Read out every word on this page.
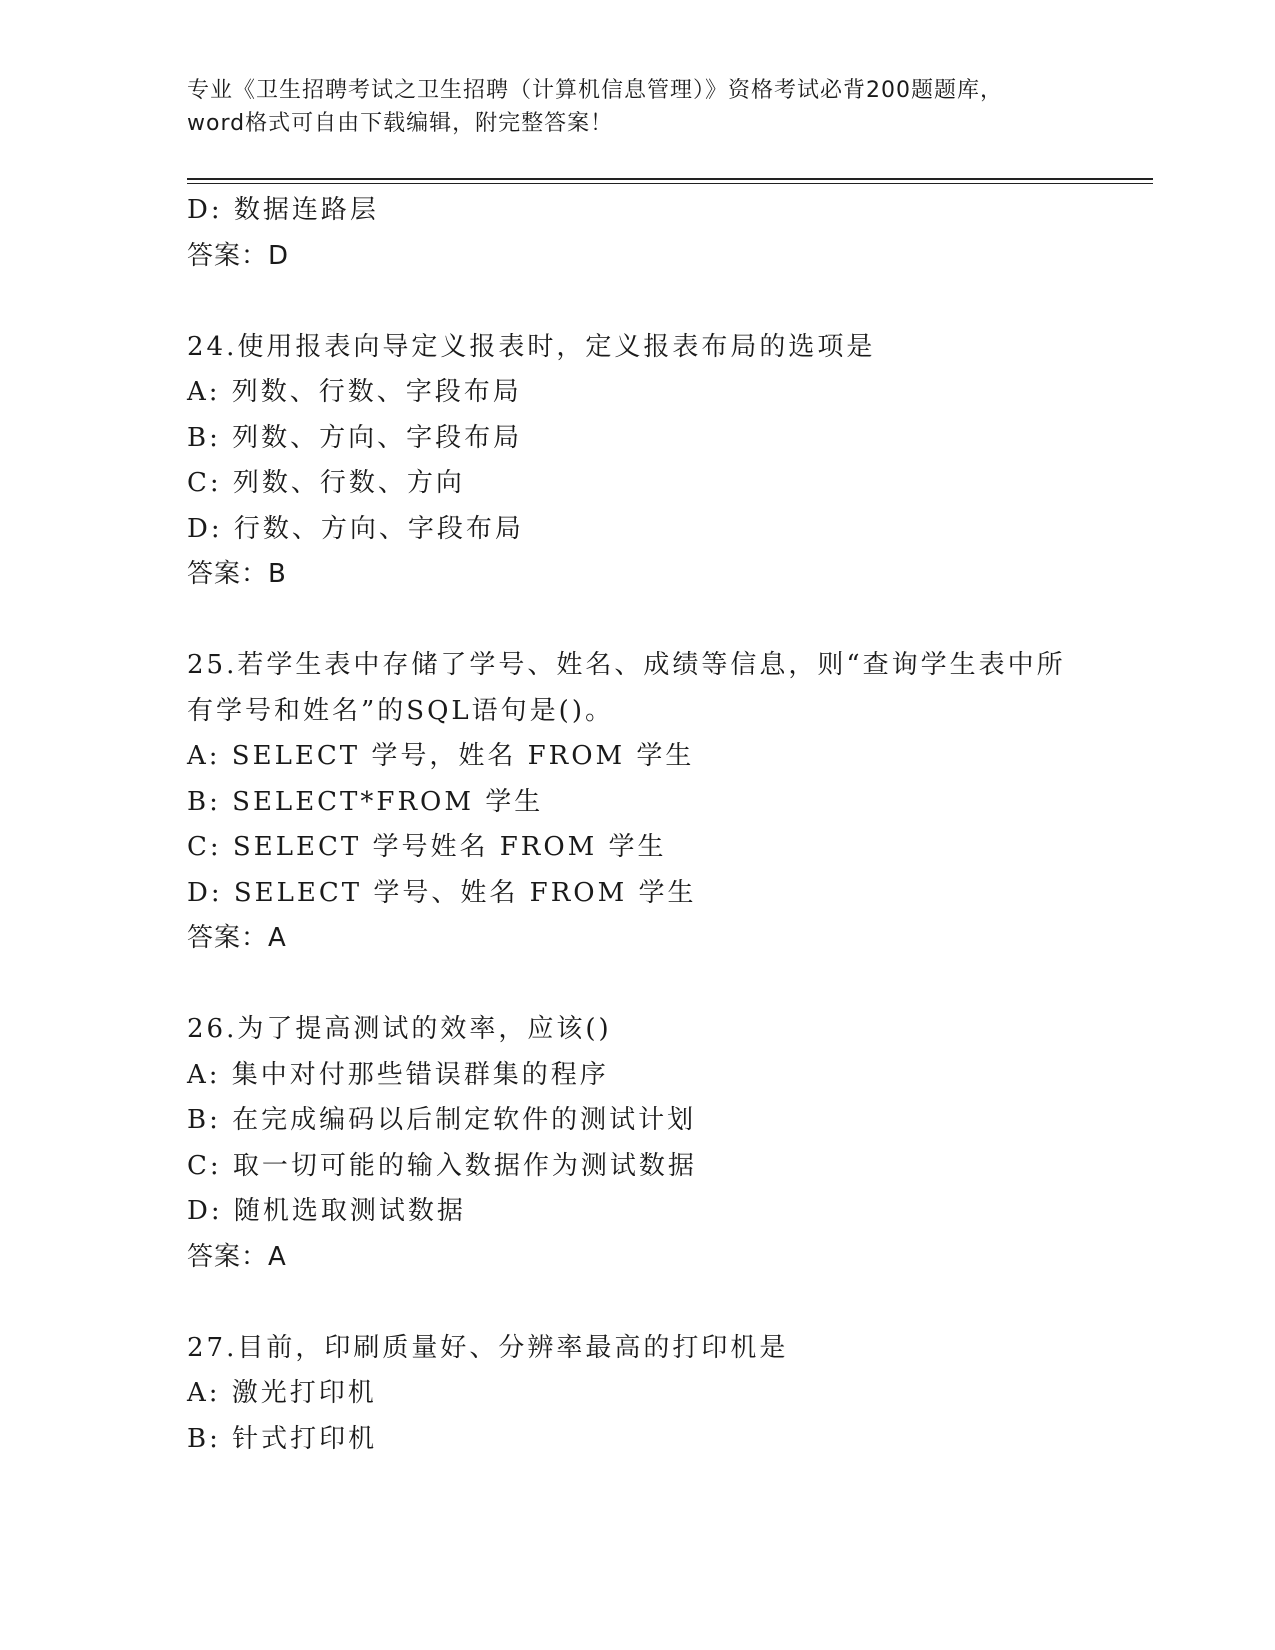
专业《卫生招聘考试之卫生招聘（计算机信息管理）》资格考试必背200题题库，
word格式可自由下载编辑，附完整答案！
D: 数据连路层
答案：D
24.使用报表向导定义报表时，定义报表布局的选项是
A: 列数、行数、字段布局
B: 列数、方向、字段布局
C: 列数、行数、方向
D: 行数、方向、字段布局
答案：B
25.若学生表中存储了学号、姓名、成绩等信息，则“查询学生表中所
有学号和姓名”的SQL语句是()。
A: SELECT 学号，姓名 FROM 学生
B: SELECT*FROM 学生
C: SELECT 学号姓名 FROM 学生
D: SELECT 学号、姓名 FROM 学生
答案：A
26.为了提高测试的效率，应该()
A: 集中对付那些错误群集的程序
B: 在完成编码以后制定软件的测试计划
C: 取一切可能的输入数据作为测试数据
D: 随机选取测试数据
答案：A
27.目前，印刷质量好、分辨率最高的打印机是
A: 激光打印机
B: 针式打印机
